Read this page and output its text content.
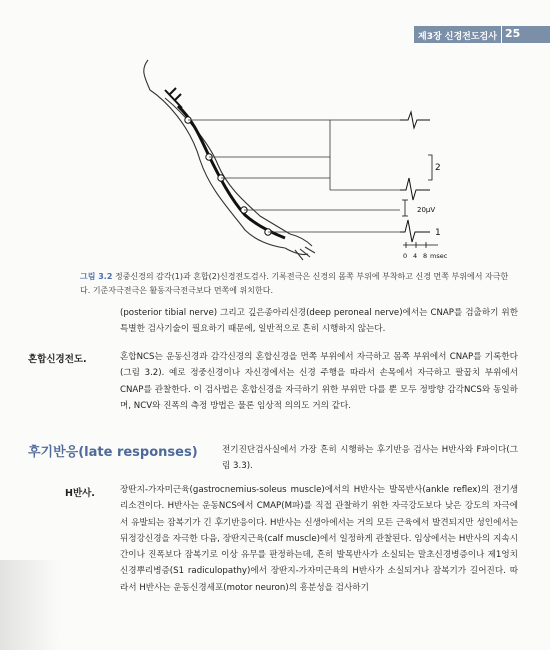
제3장 신경전도검사 25
2
1
20μV
0 4 8 msec
그림 3.2 정중신경의 감각(1)과 혼합(2)신경전도검사. 기록전극은 신경의 몸쪽 부위에 부착하고 신경 먼쪽 부위에서 자극한다. 기준자극전극은 활동자극전극보다 먼쪽에 위치한다.
(posterior tibial nerve) 그리고 깊은종아리신경(deep peroneal nerve)에서는 CNAP를 검출하기 위한 특별한 검사기술이 필요하기 때문에, 일반적으로 흔히 시행하지 않는다.
혼합신경전도.	혼합NCS는 운동신경과 감각신경의 혼합신경을 먼쪽 부위에서 자극하고 몸쪽 부위에서 CNAP를 기록한다(그림 3.2). 예로 정중신경이나 자신경에서는 신경 주행을 따라서 손목에서 자극하고 팔꿉치 부위에서 CNAP를 관찰한다. 이 검사법은 혼합신경을 자극하기 위한 부위만 다를 뿐 모두 정방향 감각NCS와 동일하며, NCV와 진폭의 측정 방법은 물론 임상적 의의도 거의 같다.
후기반응(late responses)	전기진단검사실에서 가장 흔히 시행하는 후기반응 검사는 H반사와 F파이다(그림 3.3).
H반사.	장딴지-가자미근육(gastrocnemius-soleus muscle)에서의 H반사는 발목반사(ankle reflex)의 전기생리소견이다. H반사는 운동NCS에서 CMAP(M파)를 직접 관찰하기 위한 자극강도보다 낮은 강도의 자극에서 유발되는 잠복기가 긴 후기반응이다. H반사는 신생아에서는 거의 모든 근육에서 발견되지만 성인에서는 뒤정강신경을 자극한 다음, 장딴지근육(calf muscle)에서 일정하게 관찰된다. 임상에서는 H반사의 지속시간이나 진폭보다 잠복기로 이상 유무를 판정하는데, 흔히 발목반사가 소실되는 말초신경병증이나 제1엉치신경뿌리병증(S1 radiculopathy)에서 장딴지-가자미근육의 H반사가 소실되거나 잠복기가 길어진다. 따라서 H반사는 운동신경세포(motor neuron)의 흥분성을 검사하기
